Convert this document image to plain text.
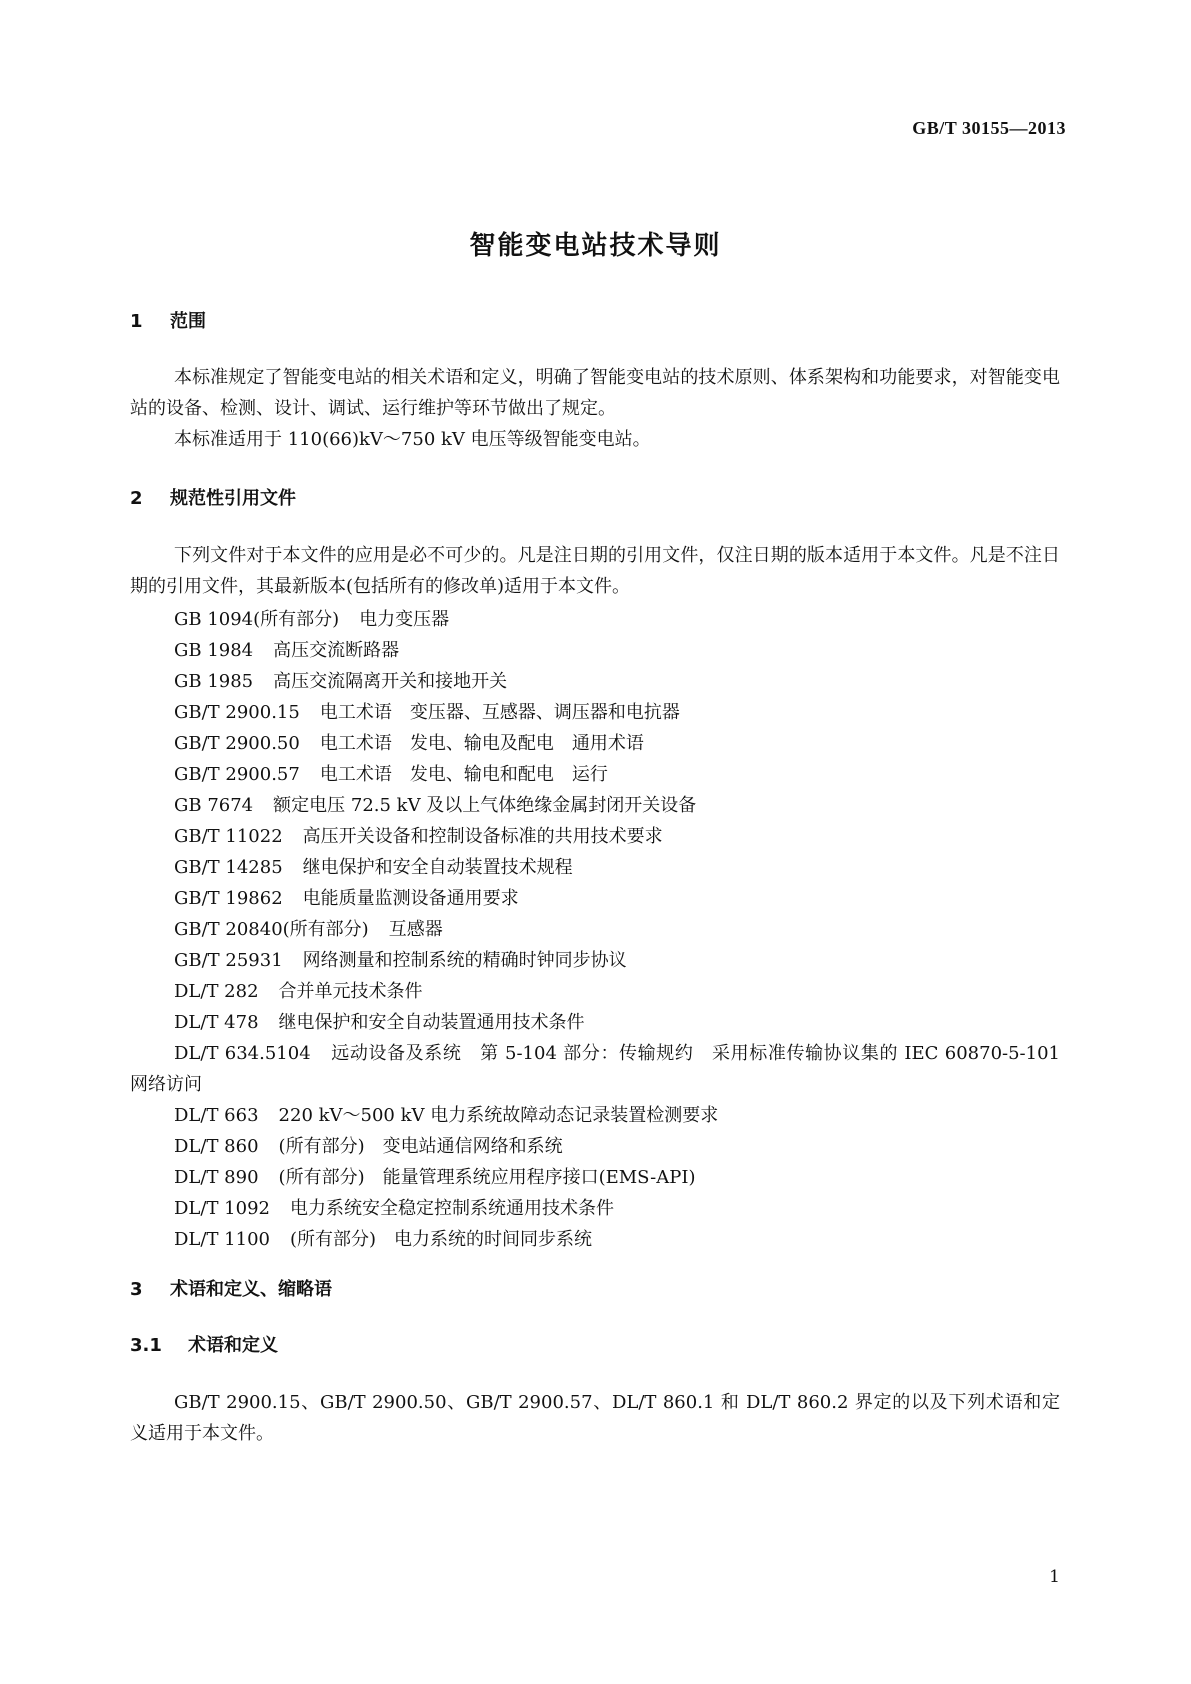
GB/T 30155—2013
智能变电站技术导则
1 范围
本标准规定了智能变电站的相关术语和定义，明确了智能变电站的技术原则、体系架构和功能要求，对智能变电站的设备、检测、设计、调试、运行维护等环节做出了规定。
本标准适用于 110(66)kV～750 kV 电压等级智能变电站。
2 规范性引用文件
下列文件对于本文件的应用是必不可少的。凡是注日期的引用文件，仅注日期的版本适用于本文件。凡是不注日期的引用文件，其最新版本(包括所有的修改单)适用于本文件。
GB 1094(所有部分) 电力变压器
GB 1984 高压交流断路器
GB 1985 高压交流隔离开关和接地开关
GB/T 2900.15 电工术语　变压器、互感器、调压器和电抗器
GB/T 2900.50 电工术语　发电、输电及配电　通用术语
GB/T 2900.57 电工术语　发电、输电和配电　运行
GB 7674 额定电压 72.5 kV 及以上气体绝缘金属封闭开关设备
GB/T 11022 高压开关设备和控制设备标准的共用技术要求
GB/T 14285 继电保护和安全自动装置技术规程
GB/T 19862 电能质量监测设备通用要求
GB/T 20840(所有部分) 互感器
GB/T 25931 网络测量和控制系统的精确时钟同步协议
DL/T 282 合并单元技术条件
DL/T 478 继电保护和安全自动装置通用技术条件
DL/T 634.5104 远动设备及系统　第 5-104 部分：传输规约　采用标准传输协议集的 IEC 60870-5-101 网络访问
DL/T 663 220 kV～500 kV 电力系统故障动态记录装置检测要求
DL/T 860 (所有部分)　变电站通信网络和系统
DL/T 890 (所有部分)　能量管理系统应用程序接口(EMS-API)
DL/T 1092 电力系统安全稳定控制系统通用技术条件
DL/T 1100 (所有部分)　电力系统的时间同步系统
3 术语和定义、缩略语
3.1 术语和定义
GB/T 2900.15、GB/T 2900.50、GB/T 2900.57、DL/T 860.1 和 DL/T 860.2 界定的以及下列术语和定义适用于本文件。
1
